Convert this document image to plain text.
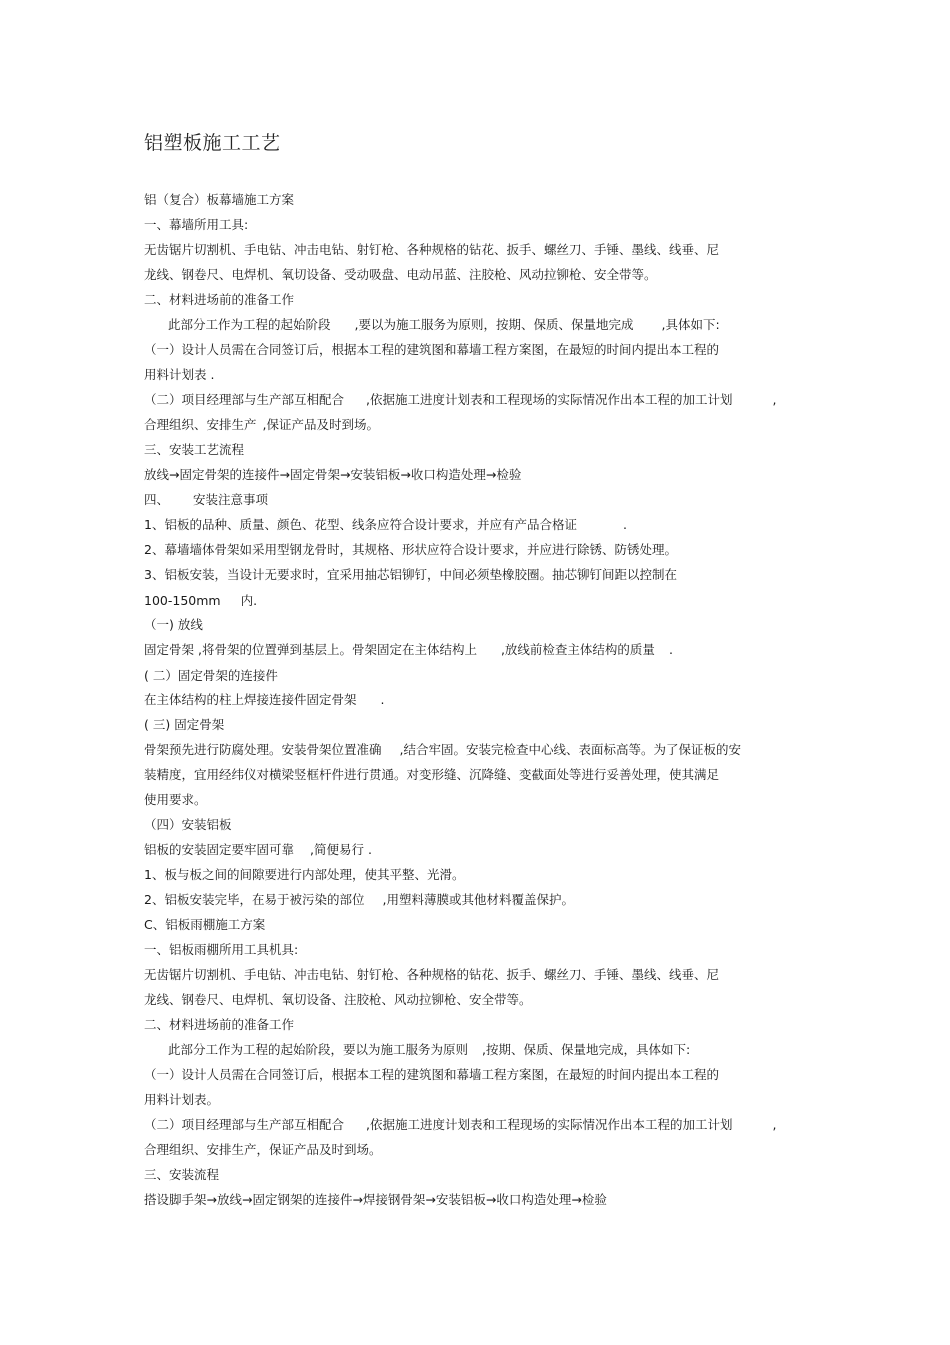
铝塑板施工工艺
铝（复合）板幕墙施工方案
一、幕墙所用工具:
无齿锯片切割机、手电钻、冲击电钻、射钉枪、各种规格的钻花、扳手、螺丝刀、手锤、墨线、线垂、尼
龙线、钢卷尺、电焊机、氧切设备、受动吸盘、电动吊蓝、注胶枪、风动拉铆枪、安全带等。
二、材料进场前的准备工作
此部分工作为工程的起始阶段 ,要以为施工服务为原则，按期、保质、保量地完成 ,具体如下:
（一）设计人员需在合同签订后，根据本工程的建筑图和幕墙工程方案图，在最短的时间内提出本工程的
用料计划表 .
（二）项目经理部与生产部互相配合 ,依据施工进度计划表和工程现场的实际情况作出本工程的加工计划	,
合理组织、安排生产 ,保证产品及时到场。
三、安装工艺流程
放线→固定骨架的连接件→固定骨架→安装铝板→收口构造处理→检验
四、 安装注意事项
1、铝板的品种、质量、颜色、花型、线条应符合设计要求，并应有产品合格证	.
2、幕墙墙体骨架如采用型钢龙骨时，其规格、形状应符合设计要求，并应进行除锈、防锈处理。
3、铝板安装，当设计无要求时，宜采用抽芯铝铆钉，中间必须垫橡胶圈。抽芯铆钉间距以控制在
100-150mm 内.
（一) 放线
固定骨架 ,将骨架的位置弹到基层上。骨架固定在主体结构上 ,放线前检查主体结构的质量 .
( 二）固定骨架的连接件
在主体结构的柱上焊接连接件固定骨架 .
( 三) 固定骨架
骨架预先进行防腐处理。安装骨架位置准确 ,结合牢固。安装完检查中心线、表面标高等。为了保证板的安
装精度，宜用经纬仪对横梁竖框杆件进行贯通。对变形缝、沉降缝、变截面处等进行妥善处理，使其满足
使用要求。
（四）安装铝板
铝板的安装固定要牢固可靠 ,简便易行 .
1、板与板之间的间隙要进行内部处理，使其平整、光滑。
2、铝板安装完毕，在易于被污染的部位 ,用塑料薄膜或其他材料覆盖保护。
C、铝板雨棚施工方案
一、铝板雨棚所用工具机具:
无齿锯片切割机、手电钻、冲击电钻、射钉枪、各种规格的钻花、扳手、螺丝刀、手锤、墨线、线垂、尼
龙线、钢卷尺、电焊机、氧切设备、注胶枪、风动拉铆枪、安全带等。
二、材料进场前的准备工作
此部分工作为工程的起始阶段，要以为施工服务为原则 ,按期、保质、保量地完成，具体如下:
（一）设计人员需在合同签订后，根据本工程的建筑图和幕墙工程方案图，在最短的时间内提出本工程的
用料计划表。
（二）项目经理部与生产部互相配合 ,依据施工进度计划表和工程现场的实际情况作出本工程的加工计划	,
合理组织、安排生产，保证产品及时到场。
三、安装流程
搭设脚手架→放线→固定钢架的连接件→焊接钢骨架→安装铝板→收口构造处理→检验
